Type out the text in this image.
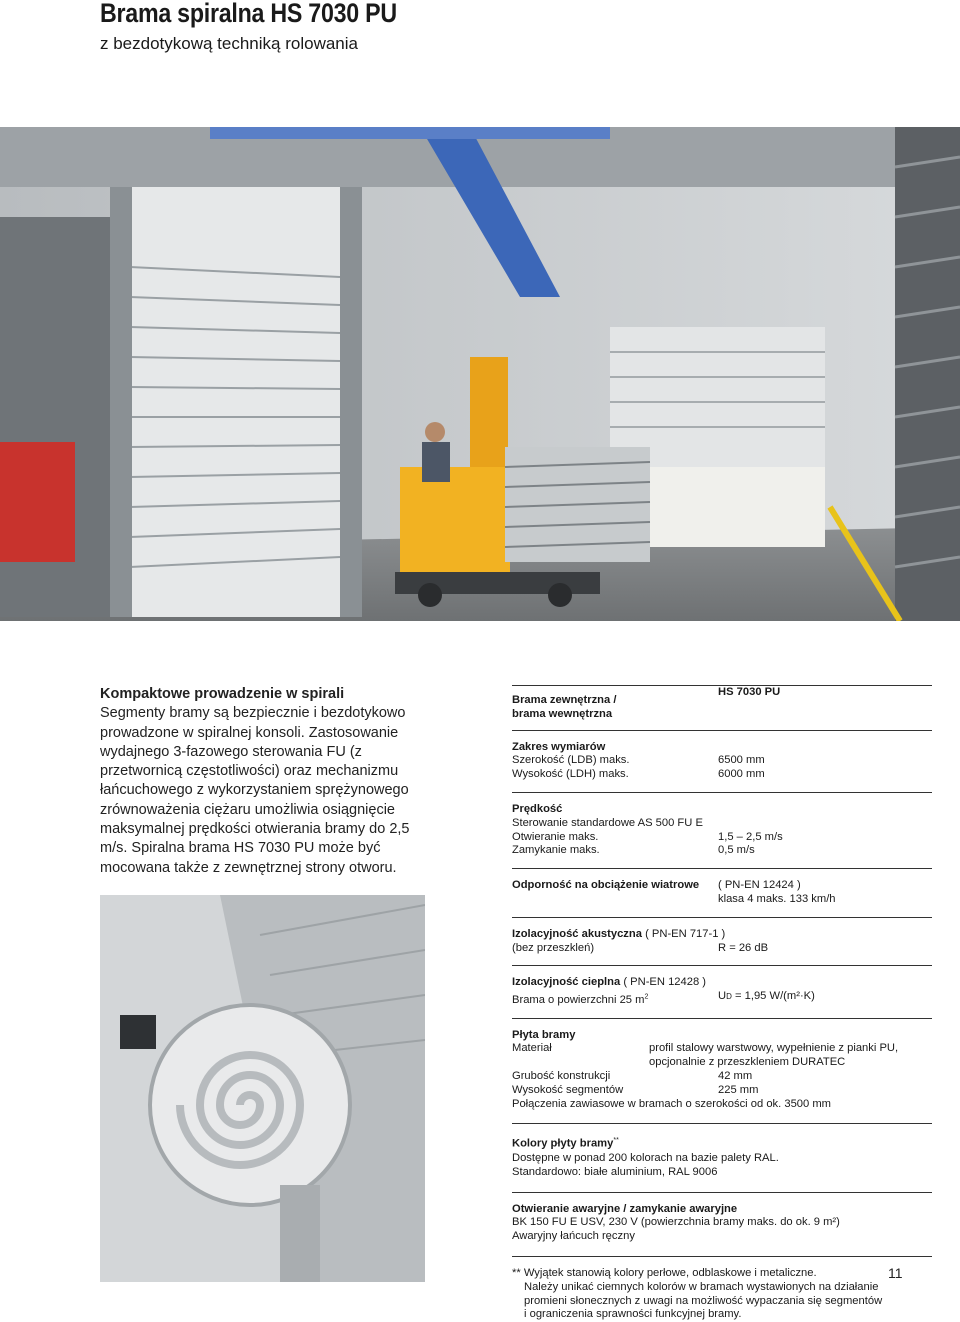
Brama spiralna HS 7030 PU
z bezdotykową techniką rolowania
Kompaktowe prowadzenie w spirali
Segmenty bramy są bezpiecznie i bezdotykowo prowadzone w spiralnej konsoli. Zastosowanie wydajnego 3-fazowego sterowania FU (z przetwornicą częstotliwości) oraz mechanizmu łańcuchowego z wykorzystaniem sprężynowego zrównoważenia ciężaru umożliwia osiągnięcie maksymalnej prędkości otwierania bramy do 2,5 m/s. Spiralna brama HS 7030 PU może być mocowana także z zewnętrznej strony otworu.
Brama zewnętrzna /
brama wewnętrzna
HS 7030 PU
Zakres wymiarów
Szerokość (LDB) maks.	6500 mm
Wysokość (LDH) maks.	6000 mm
Prędkość
Sterowanie standardowe AS 500 FU E
Otwieranie maks.	1,5 – 2,5 m/s
Zamykanie maks.	0,5 m/s
Odporność na obciążenie wiatrowe ( PN-EN 12424 )

klasa 4 maks. 133 km/h
Izolacyjność akustyczna ( PN-EN 717-1 )
(bez przeszkleń)	R = 26 dB
Izolacyjność cieplna ( PN-EN 12428 )
Brama o powierzchni 25 $m^2$	UD = 1,95 W/(m²·K)
Płyta bramy
Materiał	profil stalowy warstwowy, wypełnienie z pianki PU,

opcjonalnie z przeszkleniem DURATEC
Grubość konstrukcji	42 mm
Wysokość segmentów	225 mm
Połączenia zawiasowe w bramach o szerokości od ok. 3500 mm
Kolory płyty bramy**
Dostępne w ponad 200 kolorach na bazie palety RAL.
Standardowo: białe aluminium, RAL 9006
Otwieranie awaryjne / zamykanie awaryjne
BK 150 FU E USV, 230 V (powierzchnia bramy maks. do ok. 9 m²)
Awaryjny łańcuch ręczny
** Wyjątek stanowią kolory perłowe, odblaskowe i metaliczne.
Należy unikać ciemnych kolorów w bramach wystawionych na działanie
promieni słonecznych z uwagi na możliwość wypaczania się segmentów
i ograniczenia sprawności funkcyjnej bramy.
11
